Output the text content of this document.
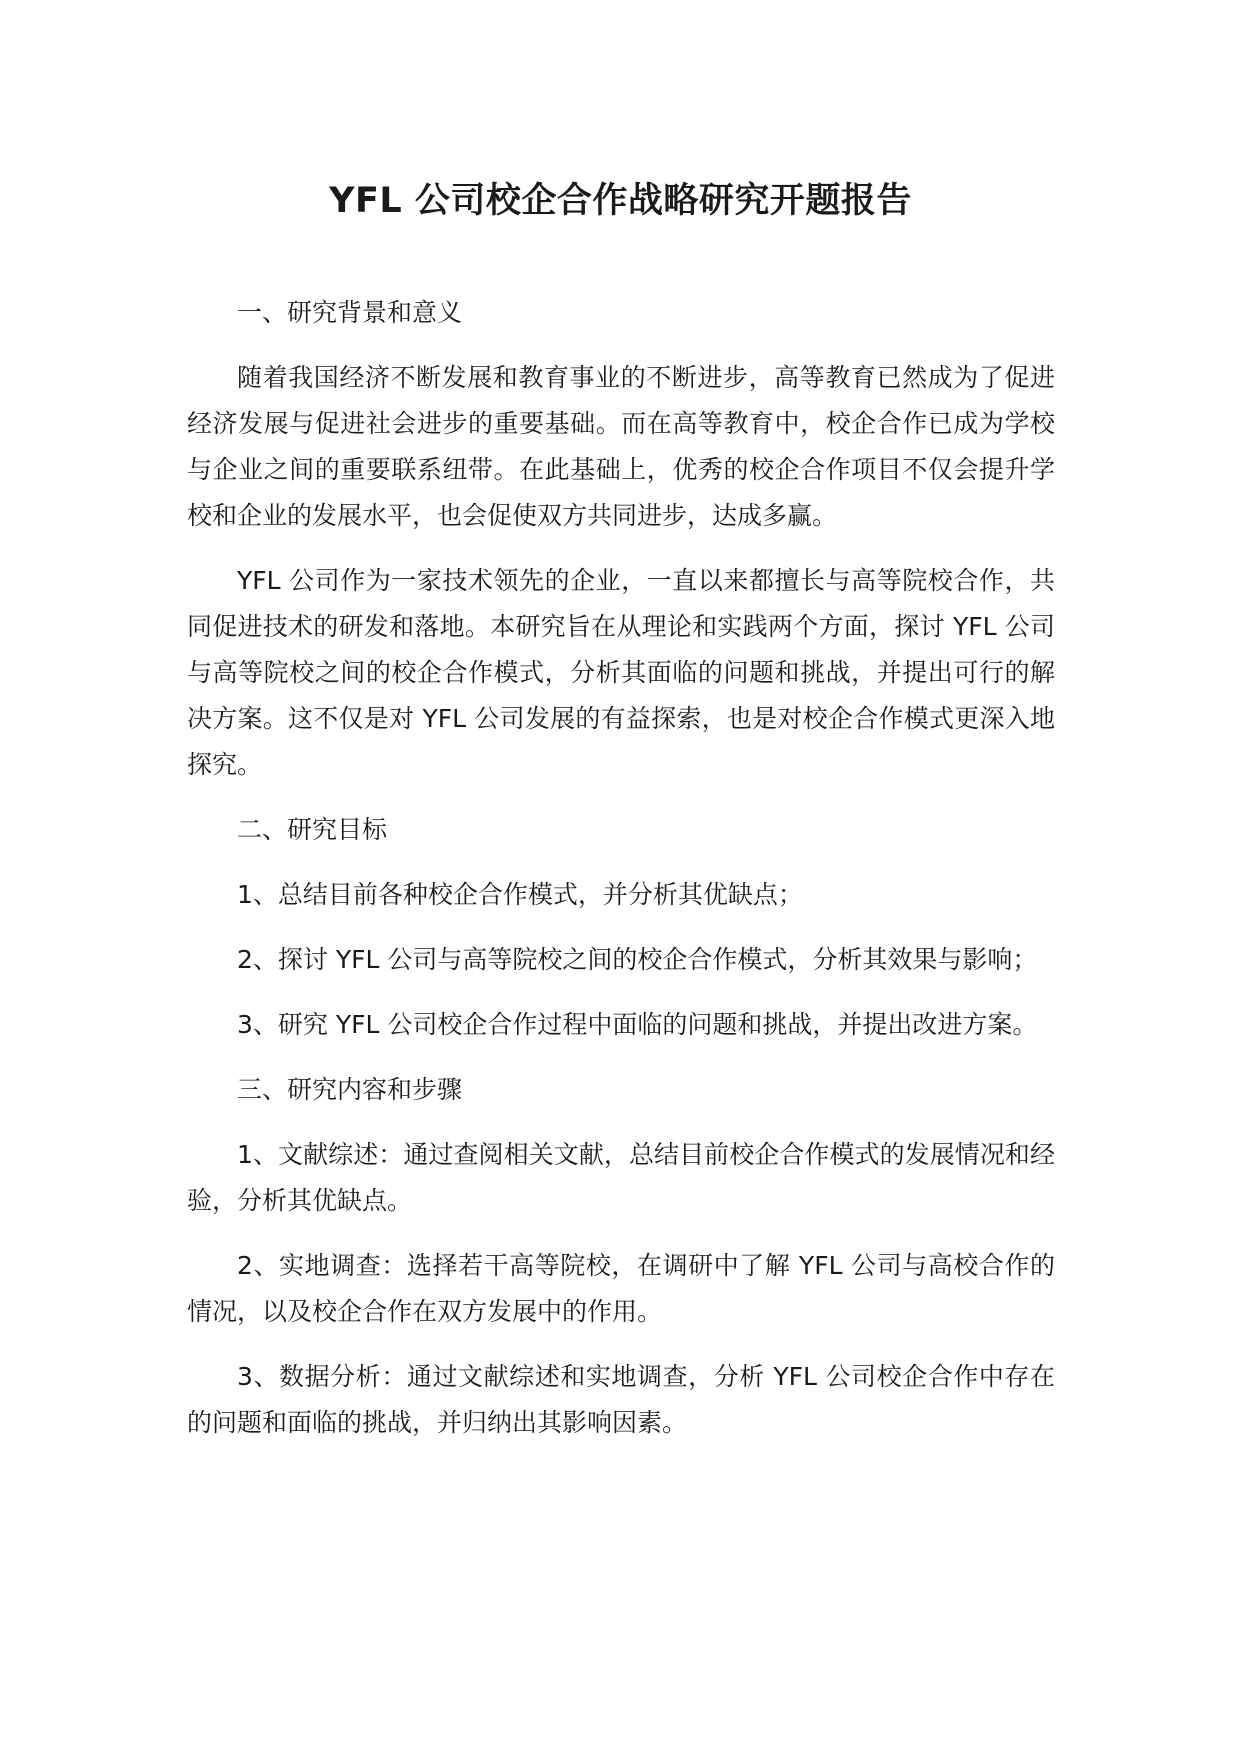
YFL 公司校企合作战略研究开题报告

一、研究背景和意义

随着我国经济不断发展和教育事业的不断进步，高等教育已然成为了促进经济发展与促进社会进步的重要基础。而在高等教育中，校企合作已成为学校与企业之间的重要联系纽带。在此基础上，优秀的校企合作项目不仅会提升学校和企业的发展水平，也会促使双方共同进步，达成多赢。

YFL 公司作为一家技术领先的企业，一直以来都擅长与高等院校合作，共同促进技术的研发和落地。本研究旨在从理论和实践两个方面，探讨 YFL 公司与高等院校之间的校企合作模式，分析其面临的问题和挑战，并提出可行的解决方案。这不仅是对 YFL 公司发展的有益探索，也是对校企合作模式更深入地探究。

二、研究目标

1、总结目前各种校企合作模式，并分析其优缺点；

2、探讨 YFL 公司与高等院校之间的校企合作模式，分析其效果与影响；

3、研究 YFL 公司校企合作过程中面临的问题和挑战，并提出改进方案。

三、研究内容和步骤

1、文献综述：通过查阅相关文献，总结目前校企合作模式的发展情况和经验，分析其优缺点。

2、实地调查：选择若干高等院校，在调研中了解 YFL 公司与高校合作的情况，以及校企合作在双方发展中的作用。

3、数据分析：通过文献综述和实地调查，分析 YFL 公司校企合作中存在的问题和面临的挑战，并归纳出其影响因素。
